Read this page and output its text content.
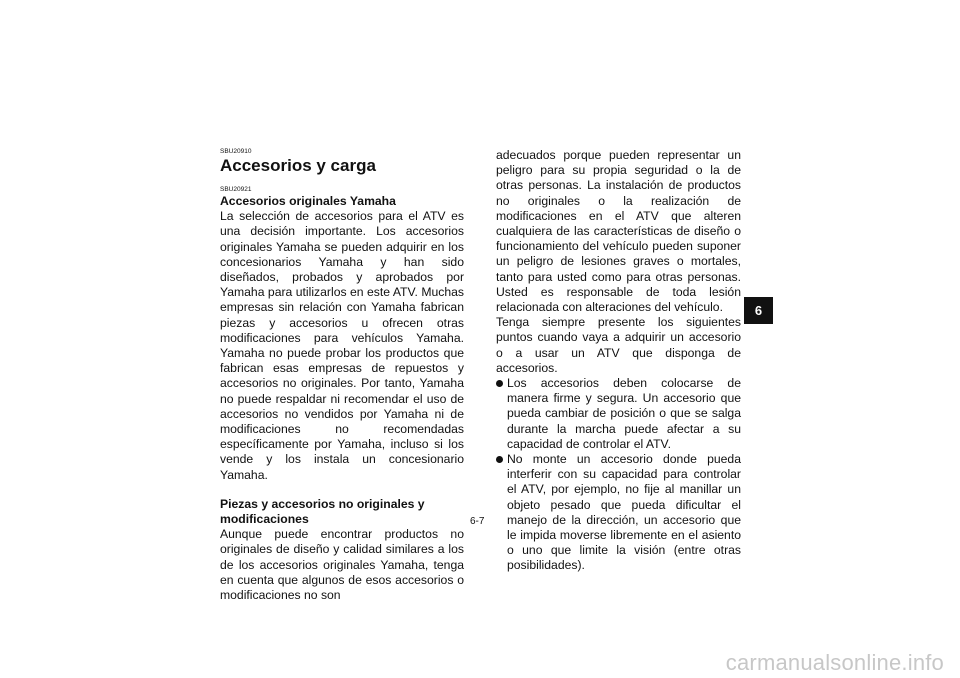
SBU20910

Accesorios y carga

SBU20921

Accesorios originales Yamaha

La selección de accesorios para el ATV es una decisión importante. Los accesorios originales Yamaha se pueden adquirir en los concesionarios Yamaha y han sido diseñados, probados y aprobados por Yamaha para utilizarlos en este ATV. Muchas empresas sin relación con Yamaha fabrican piezas y accesorios u ofrecen otras modificaciones para vehículos Yamaha. Yamaha no puede probar los productos que fabrican esas empresas de repuestos y accesorios no originales. Por tanto, Yamaha no puede respaldar ni recomendar el uso de accesorios no vendidos por Yamaha ni de modificaciones no recomendadas específicamente por Yamaha, incluso si los vende y los instala un concesionario Yamaha.

Piezas y accesorios no originales y modificaciones

Aunque puede encontrar productos no originales de diseño y calidad similares a los de los accesorios originales Yamaha, tenga en cuenta que algunos de esos accesorios o modificaciones no son

adecuados porque pueden representar un peligro para su propia seguridad o la de otras personas. La instalación de productos no originales o la realización de modificaciones en el ATV que alteren cualquiera de las características de diseño o funcionamiento del vehículo pueden suponer un peligro de lesiones graves o mortales, tanto para usted como para otras personas. Usted es responsable de toda lesión relacionada con alteraciones del vehículo.

Tenga siempre presente los siguientes puntos cuando vaya a adquirir un accesorio o a usar un ATV que disponga de accesorios.

Los accesorios deben colocarse de manera firme y segura. Un accesorio que pueda cambiar de posición o que se salga durante la marcha puede afectar a su capacidad de controlar el ATV.

No monte un accesorio donde pueda interferir con su capacidad para controlar el ATV, por ejemplo, no fije al manillar un objeto pesado que pueda dificultar el manejo de la dirección, un accesorio que le impida moverse libremente en el asiento o uno que limite la visión (entre otras posibilidades).

6
6-7
carmanualsonline.info
